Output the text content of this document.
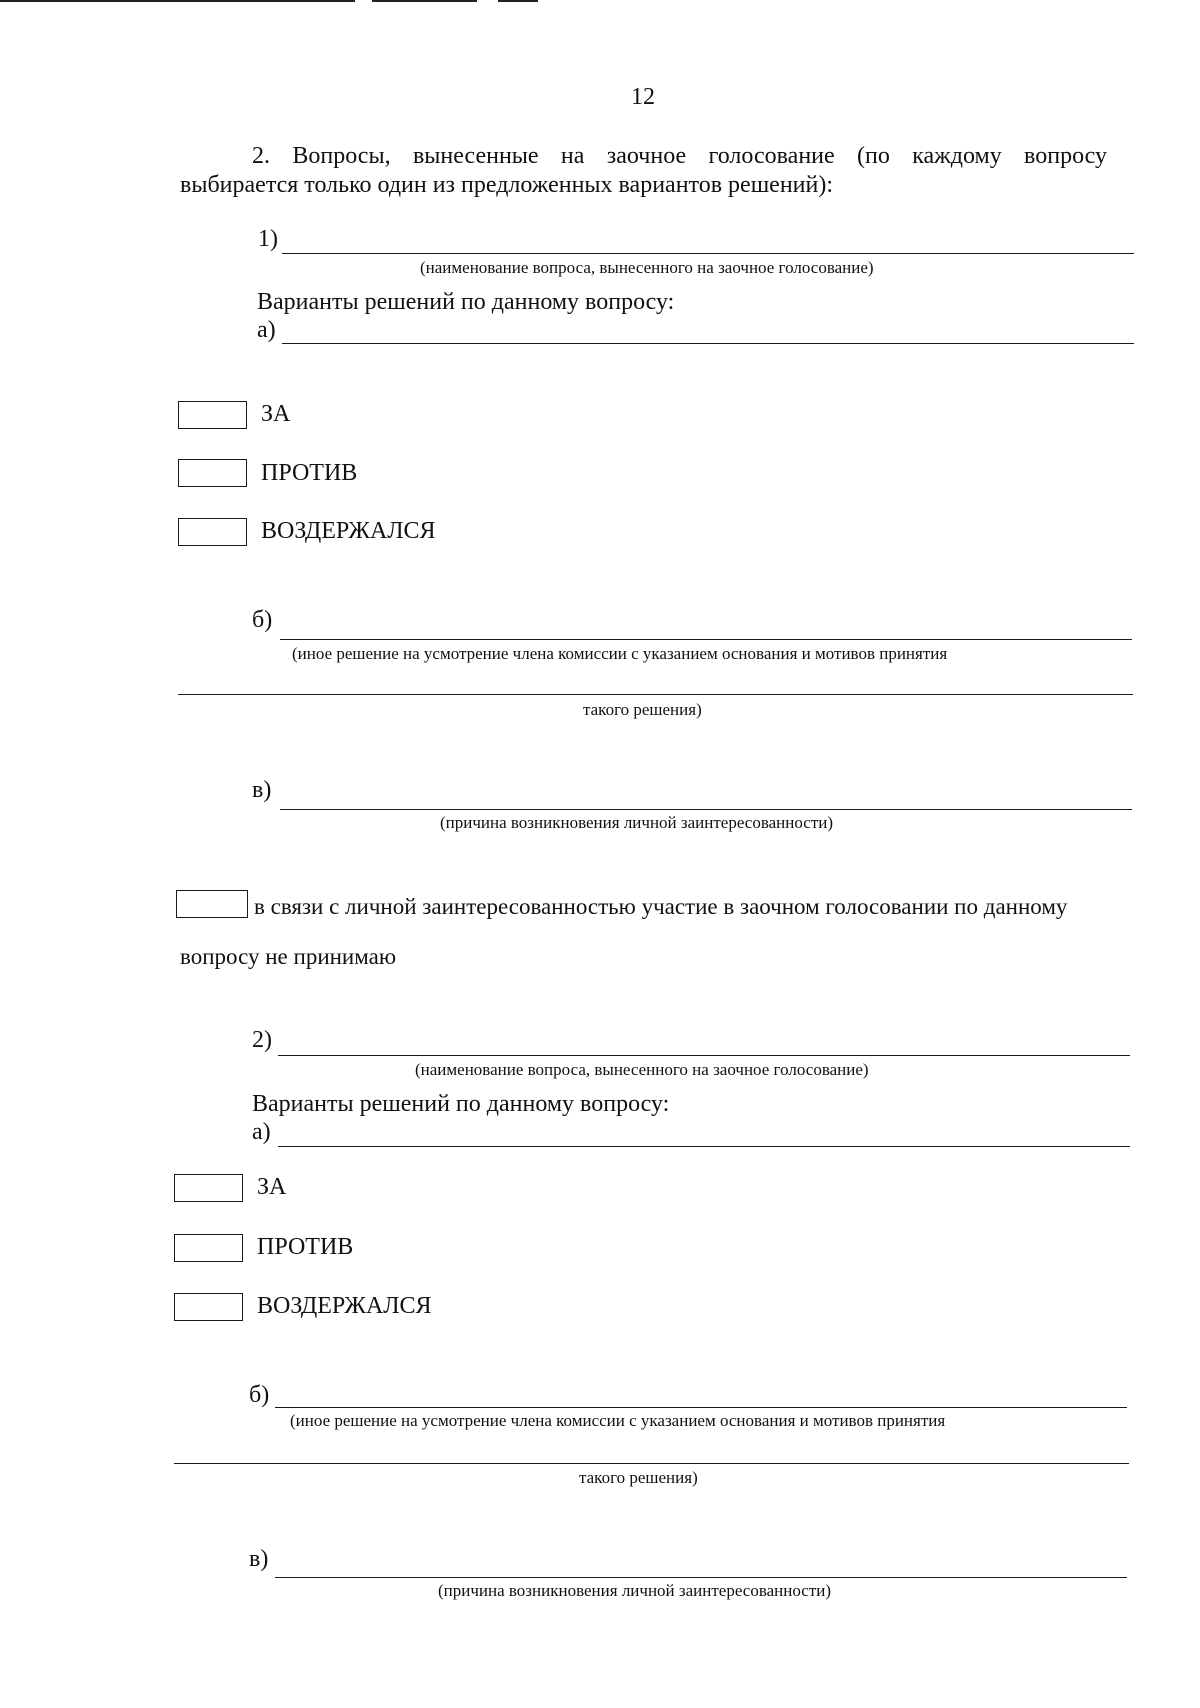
12
2. Вопросы, вынесенные на заочное голосование (по каждому вопросу
выбирается только один из предложенных вариантов решений):
1)
(наименование вопроса, вынесенного на заочное голосование)
Варианты решений по данному вопросу:
а)
ЗА
ПРОТИВ
ВОЗДЕРЖАЛСЯ
б)
(иное решение на усмотрение члена комиссии с указанием основания и мотивов принятия
такого решения)
в)
(причина возникновения личной заинтересованности)
в связи с личной заинтересованностью участие в заочном голосовании по данному
вопросу не принимаю
2)
(наименование вопроса, вынесенного на заочное голосование)
Варианты решений по данному вопросу:
а)
ЗА
ПРОТИВ
ВОЗДЕРЖАЛСЯ
б)
(иное решение на усмотрение члена комиссии с указанием основания и мотивов принятия
такого решения)
в)
(причина возникновения личной заинтересованности)
